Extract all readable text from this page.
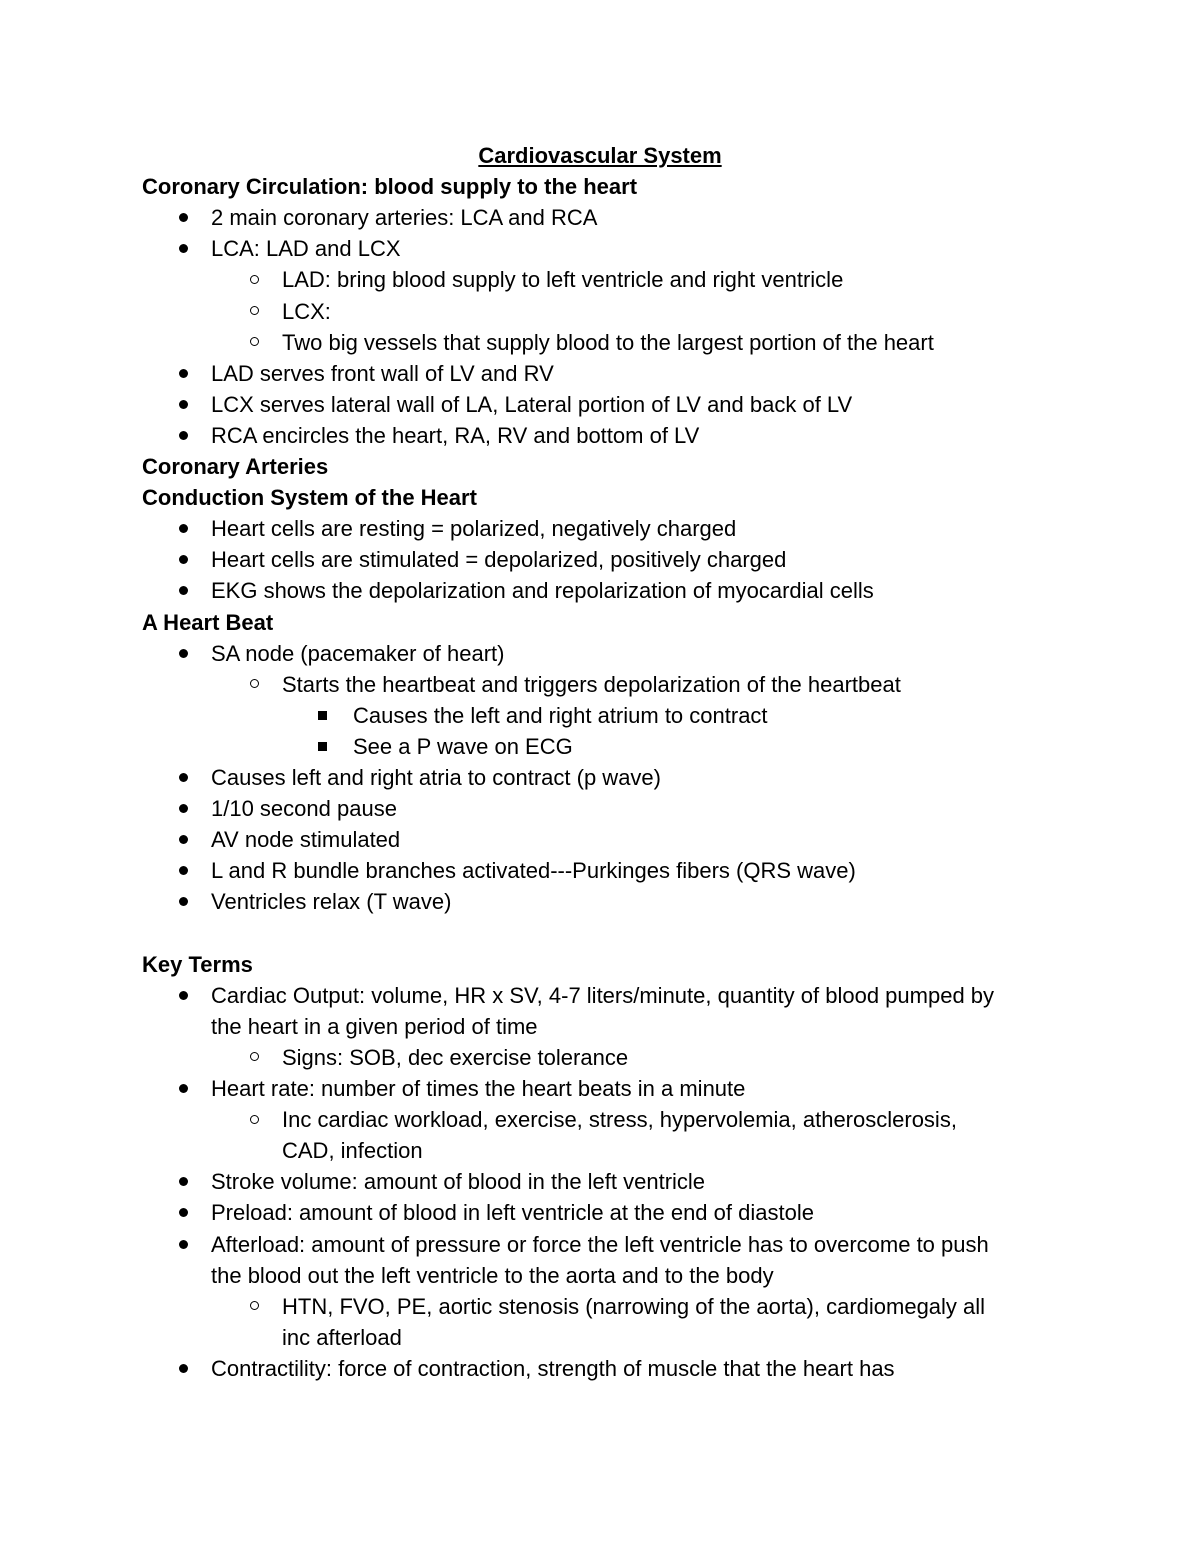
Cardiovascular System
Coronary Circulation: blood supply to the heart
2 main coronary arteries: LCA and RCA
LCA: LAD and LCX
LAD: bring blood supply to left ventricle and right ventricle
LCX:
Two big vessels that supply blood to the largest portion of the heart
LAD serves front wall of LV and RV
LCX serves lateral wall of LA, Lateral portion of LV and back of LV
RCA encircles the heart, RA, RV and bottom of LV
Coronary Arteries
Conduction System of the Heart
Heart cells are resting = polarized, negatively charged
Heart cells are stimulated = depolarized, positively charged
EKG shows the depolarization and repolarization of myocardial cells
A Heart Beat
SA node (pacemaker of heart)
Starts the heartbeat and triggers depolarization of the heartbeat
Causes the left and right atrium to contract
See a P wave on ECG
Causes left and right atria to contract (p wave)
1/10 second pause
AV node stimulated
L and R bundle branches activated---Purkinges fibers (QRS wave)
Ventricles relax (T wave)
Key Terms
Cardiac Output: volume, HR x SV, 4-7 liters/minute, quantity of blood pumped by
the heart in a given period of time
Signs: SOB, dec exercise tolerance
Heart rate: number of times the heart beats in a minute
Inc cardiac workload, exercise, stress, hypervolemia, atherosclerosis,
CAD, infection
Stroke volume: amount of blood in the left ventricle
Preload: amount of blood in left ventricle at the end of diastole
Afterload: amount of pressure or force the left ventricle has to overcome to push
the blood out the left ventricle to the aorta and to the body
HTN, FVO, PE, aortic stenosis (narrowing of the aorta), cardiomegaly all
inc afterload
Contractility: force of contraction, strength of muscle that the heart has
